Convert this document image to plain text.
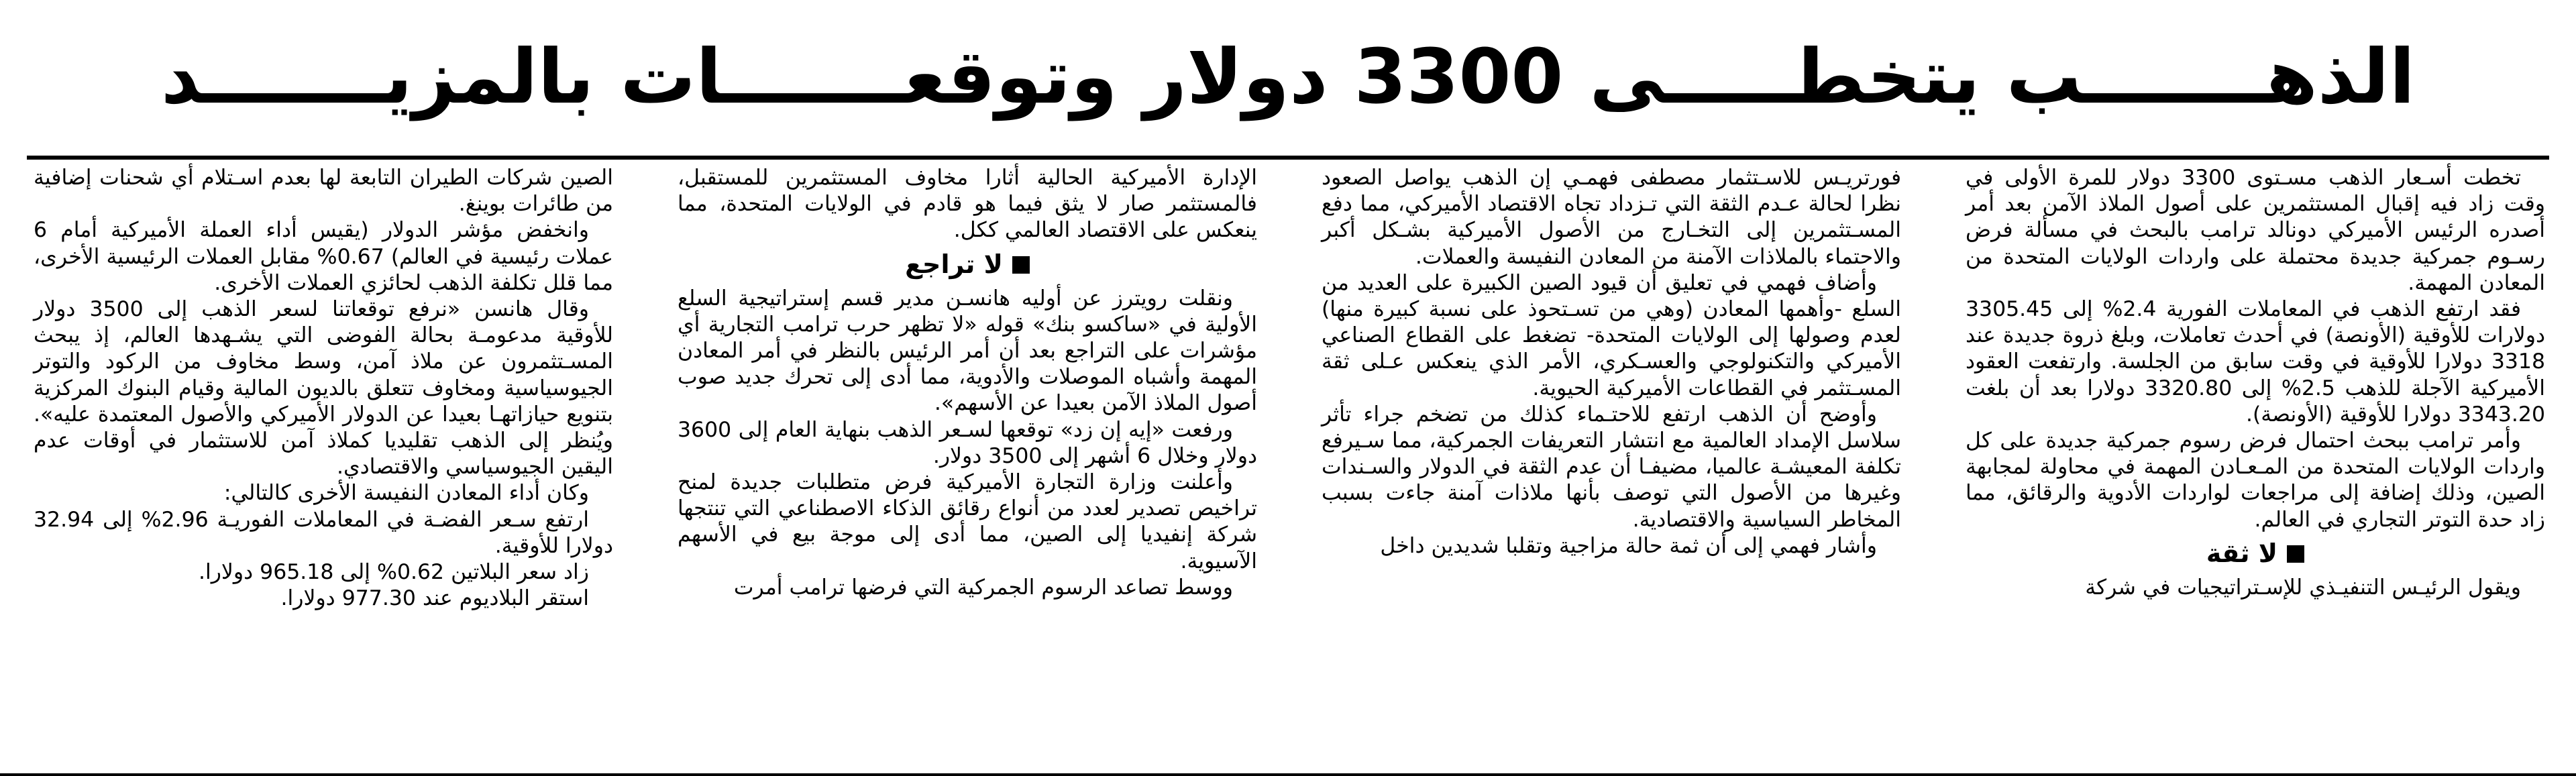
الذهـــــــب يتخطـــــى 3300 دولار وتوقعـــــــات بالمزيـــــــد

تخطت أسـعار الذهب مسـتوى 3300 دولار للمرة الأولى في وقت زاد فيه إقبال المستثمرين على أصول الملاذ الآمن بعد أمر أصدره الرئيس الأميركي دونالد ترامب بالبحث في مسألة فرض رسـوم جمركية جديدة محتملة على واردات الولايات المتحدة من المعادن المهمة.

فقد ارتفع الذهب في المعاملات الفورية 2.4% إلى 3305.45 دولارات للأوقية (الأونصة) في أحدث تعاملات، وبلغ ذروة جديدة عند 3318 دولارا للأوقية في وقت سابق من الجلسة. وارتفعت العقود الأميركية الآجلة للذهب 2.5% إلى 3320.80 دولارا بعد أن بلغت 3343.20 دولارا للأوقية (الأونصة).

وأمر ترامب ببحث احتمال فرض رسوم جمركية جديدة على كل واردات الولايات المتحدة من المـعـادن المهمة في محاولة لمجابهة الصين، وذلك إضافة إلى مراجعات لواردات الأدوية والرقائق، مما زاد حدة التوتر التجاري في العالم.

لا ثقة

ويقول الرئيـس التنفيـذي للإسـتراتيجيات في شركة

فورتريـس للاسـتثمار مصطفى فهمـي إن الذهب يواصل الصعود نظرا لحالة عـدم الثقة التي تـزداد تجاه الاقتصاد الأميركي، مما دفع المسـتثمرين إلى التخـارج من الأصول الأميركية بشـكل أكبر والاحتماء بالملاذات الآمنة من المعادن النفيسة والعملات.

وأضاف فهمي في تعليق أن قيود الصين الكبيرة على العديد من السلع -وأهمها المعادن (وهي من تسـتحوذ على نسبة كبيرة منها) لعدم وصولها إلى الولايات المتحدة- تضغط على القطاع الصناعي الأميركي والتكنولوجي والعسـكري، الأمر الذي ينعكس عـلى ثقة المسـتثمر في القطاعات الأميركية الحيوية.

وأوضح أن الذهب ارتفع للاحتـماء كذلك من تضخم جراء تأثر سلاسل الإمداد العالمية مع انتشار التعريفات الجمركية، مما سـيرفع تكلفة المعيشـة عالميا، مضيفـا أن عدم الثقة في الدولار والسـندات وغيرها من الأصول التي توصف بأنها ملاذات آمنة جاءت بسبب المخاطر السياسية والاقتصادية.

وأشار فهمي إلى أن ثمة حالة مزاجية وتقلبا شديدين داخل

الإدارة الأميركية الحالية أثارا مخاوف المستثمرين للمستقبل، فالمستثمر صار لا يثق فيما هو قادم في الولايات المتحدة، مما ينعكس على الاقتصاد العالمي ككل.

لا تراجع

ونقلت رويترز عن أوليه هانسـن مدير قسم إستراتيجية السلع الأولية في «ساكسو بنك» قوله «لا تظهر حرب ترامب التجارية أي مؤشرات على التراجع بعد أن أمر الرئيس بالنظر في أمر المعادن المهمة وأشباه الموصلات والأدوية، مما أدى إلى تحرك جديد صوب أصول الملاذ الآمن بعيدا عن الأسهم».

ورفعت «إيه إن زد» توقعها لسـعر الذهب بنهاية العام إلى 3600 دولار وخلال 6 أشهر إلى 3500 دولار.

وأعلنت وزارة التجارة الأميركية فرض متطلبات جديدة لمنح تراخيص تصدير لعدد من أنواع رقائق الذكاء الاصطناعي التي تنتجها شركة إنفيديا إلى الصين، مما أدى إلى موجة بيع في الأسهم الآسيوية.

ووسط تصاعد الرسوم الجمركية التي فرضها ترامب أمرت

الصين شركات الطيران التابعة لها بعدم اسـتلام أي شحنات إضافية من طائرات بوينغ.

وانخفض مؤشر الدولار (يقيس أداء العملة الأميركية أمام 6 عملات رئيسية في العالم) 0.67% مقابل العملات الرئيسية الأخرى، مما قلل تكلفة الذهب لحائزي العملات الأخرى.

وقال هانسن «نرفع توقعاتنا لسعر الذهب إلى 3500 دولار للأوقية مدعومـة بحالة الفوضى التي يشـهدها العالم، إذ يبحث المسـتثمرون عن ملاذ آمن، وسط مخاوف من الركود والتوتر الجيوسياسية ومخاوف تتعلق بالديون المالية وقيام البنوك المركزية بتنويع حيازاتهـا بعيدا عن الدولار الأميركي والأصول المعتمدة عليه». ويُنظر إلى الذهب تقليديا كملاذ آمن للاستثمار في أوقات عدم اليقين الجيوسياسي والاقتصادي.

وكان أداء المعادن النفيسة الأخرى كالتالي:

ارتفع سـعر الفضـة في المعاملات الفوريـة 2.96% إلى 32.94 دولارا للأوقية.

زاد سعر البلاتين 0.62% إلى 965.18 دولارا.

استقر البلاديوم عند 977.30 دولارا.
